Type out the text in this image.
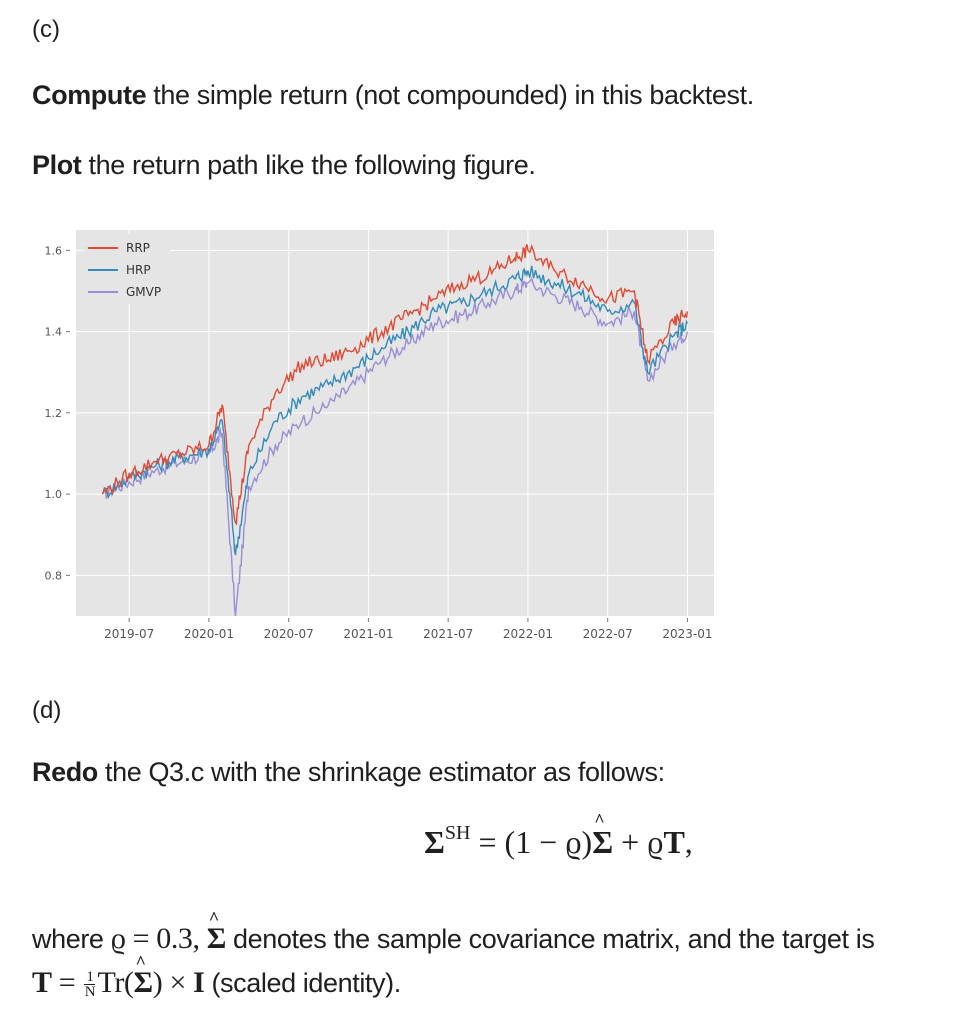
(c)
Compute the simple return (not compounded) in this backtest.
Plot the return path like the following figure.
1.6
1.4
1.2
1.0
0.8
2019-07 2020-01 2020-07 2021-01 2021-07 2022-01 2022-07 2023-01
RRP
HRP
GMVP
(d)
Redo the Q3.c with the shrinkage estimator as follows:
$\Sigma^{SH} = (1 - ϱ)\Sigma$ ^ + ϱT,
where ϱ = 0.3, Σ ^ denotes the sample covariance matrix, and the target is
$T = \frac{1}{N} Tr(\Sigma$ ^) × I (scaled identity).
